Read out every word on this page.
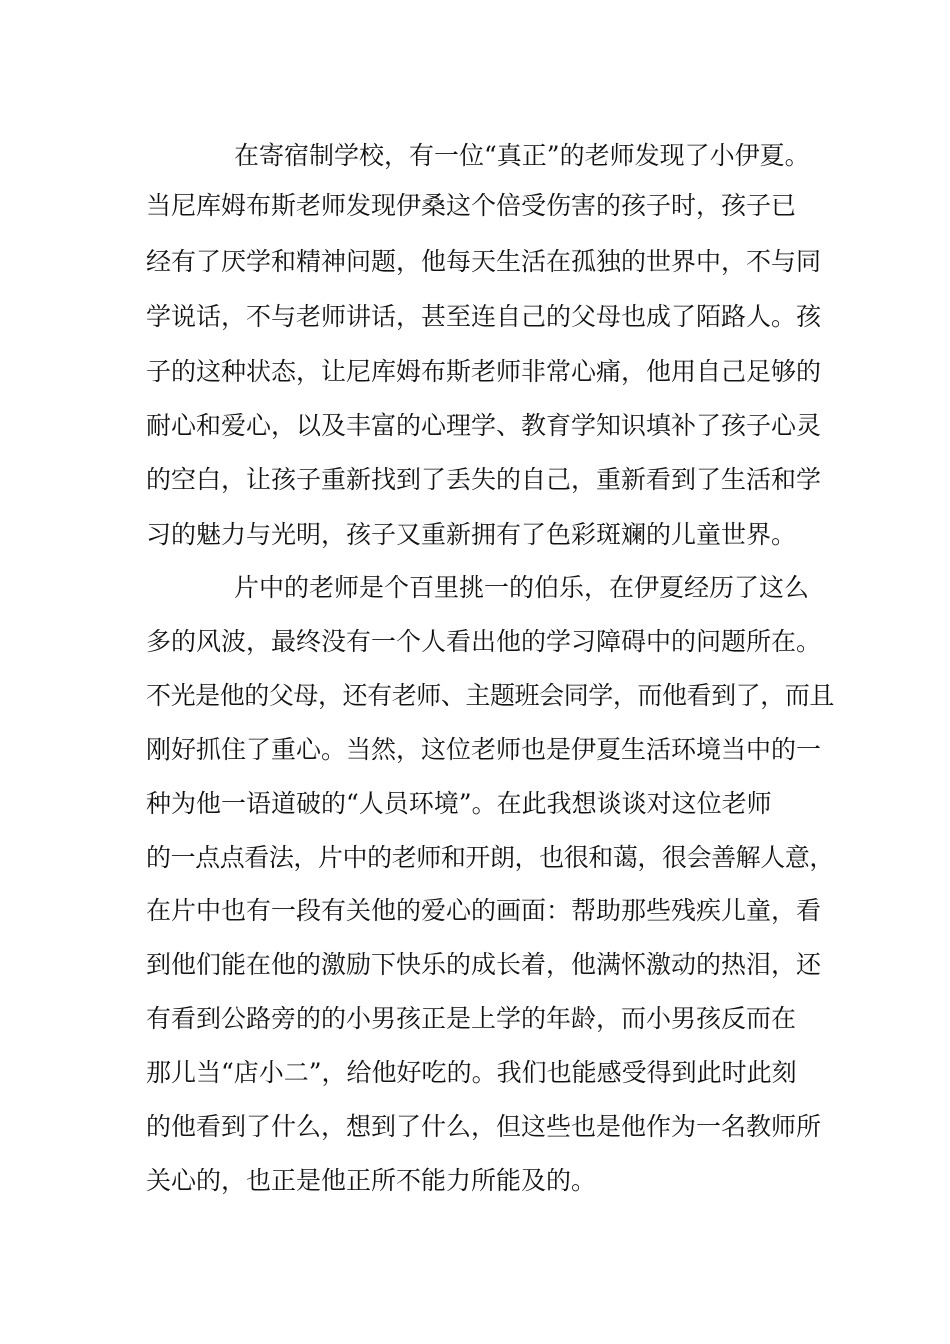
在寄宿制学校，有一位“真正”的老师发现了小伊夏。
当尼库姆布斯老师发现伊桑这个倍受伤害的孩子时，孩子已
经有了厌学和精神问题，他每天生活在孤独的世界中，不与同
学说话，不与老师讲话，甚至连自己的父母也成了陌路人。孩
子的这种状态，让尼库姆布斯老师非常心痛，他用自己足够的
耐心和爱心，以及丰富的心理学、教育学知识填补了孩子心灵
的空白，让孩子重新找到了丢失的自己，重新看到了生活和学
习的魅力与光明，孩子又重新拥有了色彩斑斓的儿童世界。
片中的老师是个百里挑一的伯乐，在伊夏经历了这么
多的风波，最终没有一个人看出他的学习障碍中的问题所在。
不光是他的父母，还有老师、主题班会同学，而他看到了，而且
刚好抓住了重心。当然，这位老师也是伊夏生活环境当中的一
种为他一语道破的“人员环境”。在此我想谈谈对这位老师
的一点点看法，片中的老师和开朗，也很和蔼，很会善解人意，
在片中也有一段有关他的爱心的画面：帮助那些残疾儿童，看
到他们能在他的激励下快乐的成长着，他满怀激动的热泪，还
有看到公路旁的的小男孩正是上学的年龄，而小男孩反而在
那儿当“店小二”，给他好吃的。我们也能感受得到此时此刻
的他看到了什么，想到了什么，但这些也是他作为一名教师所
关心的，也正是他正所不能力所能及的。
